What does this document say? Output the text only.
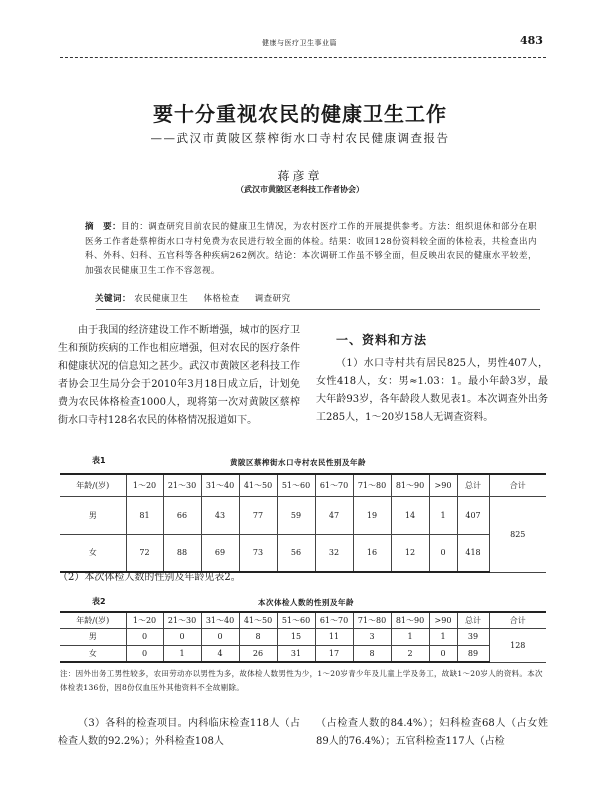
健康与医疗卫生事业篇	483
要十分重视农民的健康卫生工作
——武汉市黄陂区蔡榨街水口寺村农民健康调查报告
蒋彦章
（武汉市黄陂区老科技工作者协会）
摘　要：目的：调查研究目前农民的健康卫生情况，为农村医疗工作的开展提供参考。方法：组织退休和部分在职医务工作者赴蔡榨街水口寺村免费为农民进行较全面的体检。结果：收回128份资料较全面的体检表，共检查出内科、外科、妇科、五官科等各种疾病262例次。结论：本次调研工作虽不够全面，但反映出农民的健康水平较差，加强农民健康卫生工作不容忽视。
关键词： 农民健康卫生 体格检查 调查研究
由于我国的经济建设工作不断增强，城市的医疗卫生和预防疾病的工作也相应增强，但对农民的医疗条件和健康状况的信息知之甚少。武汉市黄陂区老科技工作者协会卫生局分会于2010年3月18日成立后，计划免费为农民体格检查1000人，现将第一次对黄陂区蔡榨街水口寺村128名农民的体格情况报道如下。
一、资料和方法
（1）水口寺村共有居民825人，男性407人，女性418人，女：男≈1.03：1。最小年龄3岁，最大年龄93岁，各年龄段人数见表1。本次调查外出务工285人，1～20岁158人无调查资料。
表1	黄陂区蔡榨街水口寺村农民性别及年龄
年龄/(岁)	1～20	21～30	31～40	41～50	51～60	61～70	71～80	81～90	>90	总计	合计
男	81	66	43	77	59	47	19	14	1	407	825
女	72	88	69	73	56	32	16	12	0	418	
（2）本次体检人数的性别及年龄见表2。
表2	本次体检人数的性别及年龄
年龄/(岁)	1～20	21～30	31～40	41～50	51～60	61～70	71～80	81～90	>90	总计	合计
男	0	0	0	8	15	11	3	1	1	39	128
女	0	1	4	26	31	17	8	2	0	89	
注：因外出务工男性较多，农田劳动亦以男性为多，故体检人数男性为少，1～20岁青少年及儿童上学及务工，故缺1～20岁人的资料。本次体检表136份，因8份仅血压外其他资料不全故剔除。
（3）各科的检查项目。内科临床检查118人（占检查人数的92.2%）；外科检查108人
（占检查人数的84.4%）；妇科检查68人（占女姓89人的76.4%）；五官科检查117人（占检
